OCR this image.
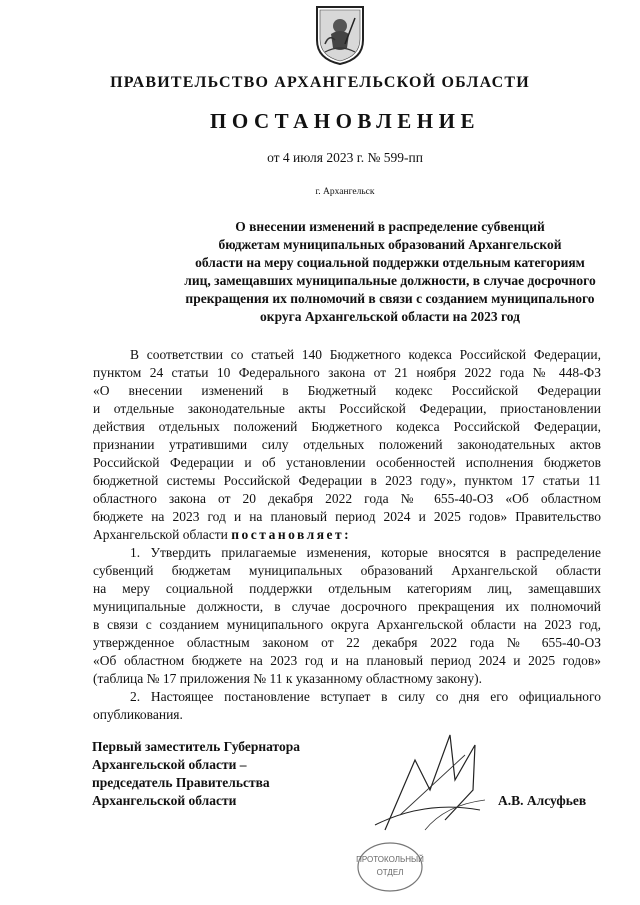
ПРАВИТЕЛЬСТВО АРХАНГЕЛЬСКОЙ ОБЛАСТИ
ПОСТАНОВЛЕНИЕ
от 4 июля 2023 г. № 599-пп
г. Архангельск
О внесении изменений в распределение субвенций
бюджетам муниципальных образований Архангельской
области на меру социальной поддержки отдельным категориям
лиц, замещавших муниципальные должности, в случае досрочного
прекращения их полномочий в связи с созданием муниципального
округа Архангельской области на 2023 год
В соответствии со статьей 140 Бюджетного кодекса Российской Федерации,
пунктом 24 статьи 10 Федерального закона от 21 ноября 2022 года № 448-ФЗ
«О внесении изменений в Бюджетный кодекс Российской Федерации
и отдельные законодательные акты Российской Федерации, приостановлении
действия отдельных положений Бюджетного кодекса Российской Федерации,
признании утратившими силу отдельных положений законодательных актов
Российской Федерации и об установлении особенностей исполнения бюджетов
бюджетной системы Российской Федерации в 2023 году», пунктом 17 статьи 11
областного закона от 20 декабря 2022 года № 655-40-ОЗ «Об областном
бюджете на 2023 год и на плановый период 2024 и 2025 годов» Правительство
Архангельской области постановляет:
1. Утвердить прилагаемые изменения, которые вносятся в распределение
субвенций бюджетам муниципальных образований Архангельской области
на меру социальной поддержки отдельным категориям лиц, замещавших
муниципальные должности, в случае досрочного прекращения их полномочий
в связи с созданием муниципального округа Архангельской области на 2023 год,
утвержденное областным законом от 22 декабря 2022 года № 655-40-ОЗ
«Об областном бюджете на 2023 год и на плановый период 2024 и 2025 годов»
(таблица № 17 приложения № 11 к указанному областному закону).
2. Настоящее постановление вступает в силу со дня его официального
опубликования.
Первый заместитель Губернатора
Архангельской области –
председатель Правительства
Архангельской области	А.В. Алсуфьев
ПРОТОКОЛЬНЫЙ
ОТДЕЛ
